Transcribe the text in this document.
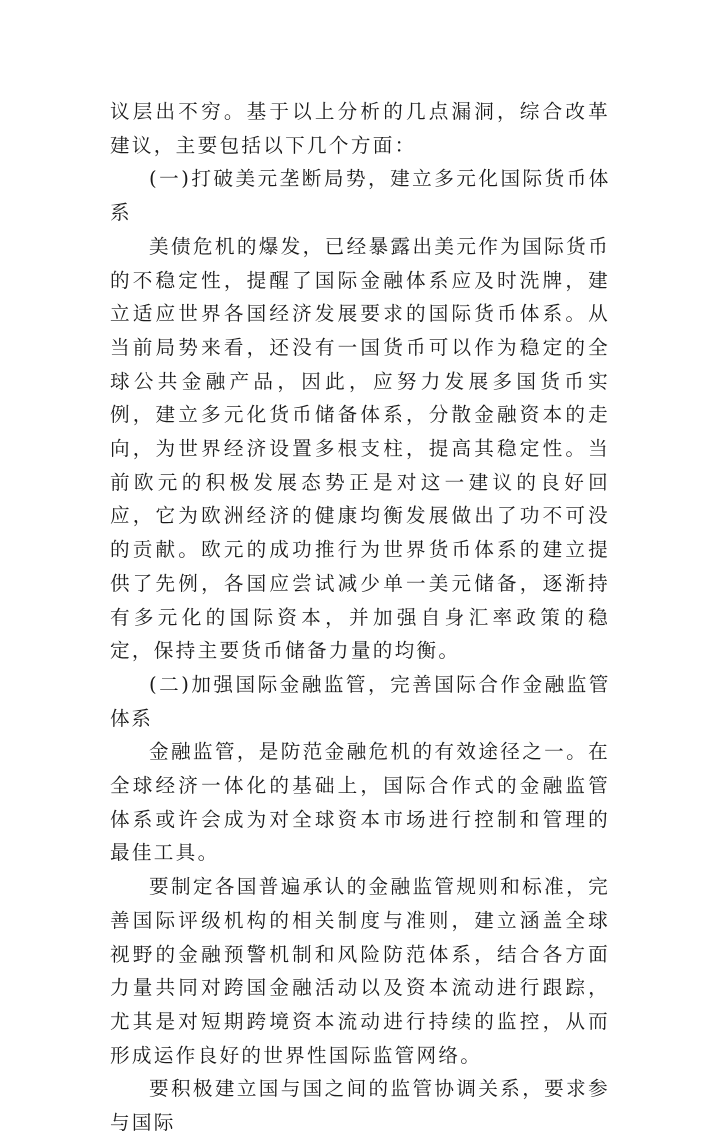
议层出不穷。基于以上分析的几点漏洞，综合改革建议，主要包括以下几个方面：

(一)打破美元垄断局势，建立多元化国际货币体系

美债危机的爆发，已经暴露出美元作为国际货币的不稳定性，提醒了国际金融体系应及时洗牌，建立适应世界各国经济发展要求的国际货币体系。从当前局势来看，还没有一国货币可以作为稳定的全球公共金融产品，因此，应努力发展多国货币实例，建立多元化货币储备体系，分散金融资本的走向，为世界经济设置多根支柱，提高其稳定性。当前欧元的积极发展态势正是对这一建议的良好回应，它为欧洲经济的健康均衡发展做出了功不可没的贡献。欧元的成功推行为世界货币体系的建立提供了先例，各国应尝试减少单一美元储备，逐渐持有多元化的国际资本，并加强自身汇率政策的稳定，保持主要货币储备力量的均衡。

(二)加强国际金融监管，完善国际合作金融监管体系

金融监管，是防范金融危机的有效途径之一。在全球经济一体化的基础上，国际合作式的金融监管体系或许会成为对全球资本市场进行控制和管理的最佳工具。

要制定各国普遍承认的金融监管规则和标准，完善国际评级机构的相关制度与准则，建立涵盖全球视野的金融预警机制和风险防范体系，结合各方面力量共同对跨国金融活动以及资本流动进行跟踪，尤其是对短期跨境资本流动进行持续的监控，从而形成运作良好的世界性国际监管网络。

要积极建立国与国之间的监管协调关系，要求参与国际
